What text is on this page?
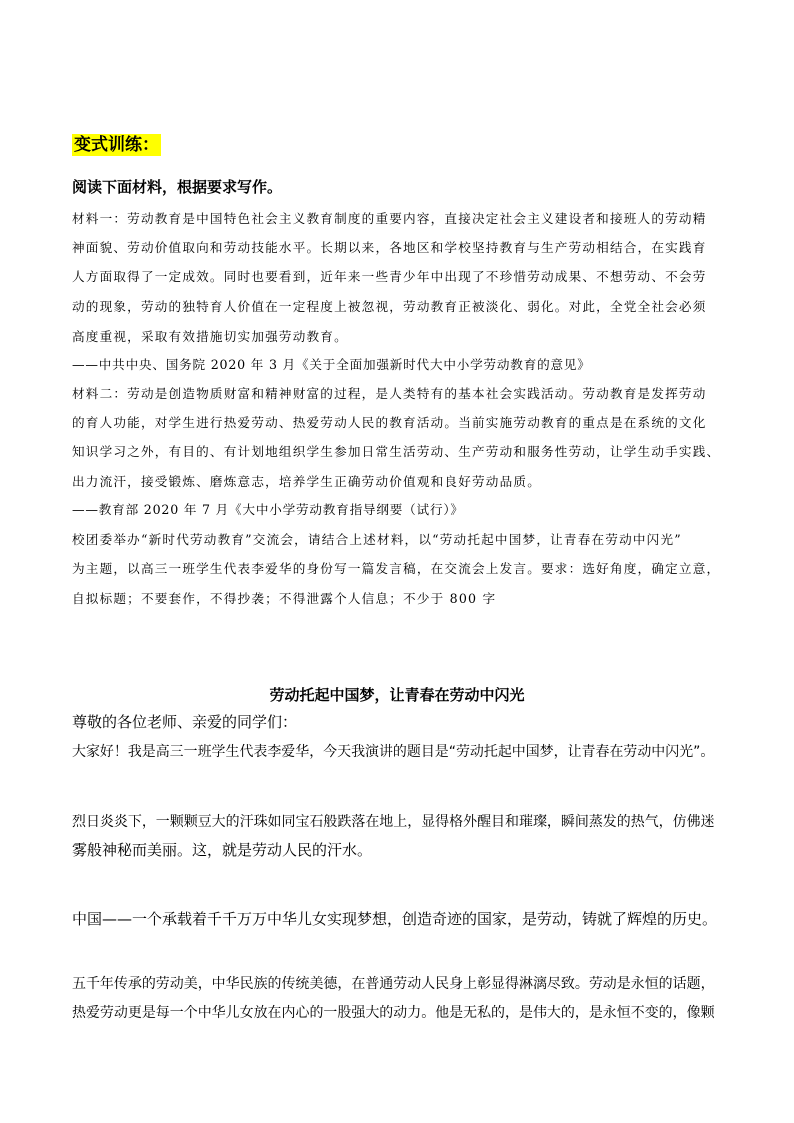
变式训练：
阅读下面材料，根据要求写作。
材料一：劳动教育是中国特色社会主义教育制度的重要内容，直接决定社会主义建设者和接班人的劳动精
神面貌、劳动价值取向和劳动技能水平。长期以来，各地区和学校坚持教育与生产劳动相结合，在实践育
人方面取得了一定成效。同时也要看到，近年来一些青少年中出现了不珍惜劳动成果、不想劳动、不会劳
动的现象，劳动的独特育人价值在一定程度上被忽视，劳动教育正被淡化、弱化。对此，全党全社会必须
高度重视，采取有效措施切实加强劳动教育。
——中共中央、国务院 2020 年 3 月《关于全面加强新时代大中小学劳动教育的意见》
材料二：劳动是创造物质财富和精神财富的过程，是人类特有的基本社会实践活动。劳动教育是发挥劳动
的育人功能，对学生进行热爱劳动、热爱劳动人民的教育活动。当前实施劳动教育的重点是在系统的文化
知识学习之外，有目的、有计划地组织学生参加日常生活劳动、生产劳动和服务性劳动，让学生动手实践、
出力流汗，接受锻炼、磨炼意志，培养学生正确劳动价值观和良好劳动品质。
——教育部 2020 年 7 月《大中小学劳动教育指导纲要（试行）》
校团委举办“新时代劳动教育”交流会，请结合上述材料，以“劳动托起中国梦，让青春在劳动中闪光”
为主题，以高三一班学生代表李爱华的身份写一篇发言稿，在交流会上发言。要求：选好角度，确定立意，
自拟标题；不要套作，不得抄袭；不得泄露个人信息；不少于 800 字
劳动托起中国梦，让青春在劳动中闪光
尊敬的各位老师、亲爱的同学们：
大家好！我是高三一班学生代表李爱华，今天我演讲的题目是“劳动托起中国梦，让青春在劳动中闪光”。
烈日炎炎下，一颗颗豆大的汗珠如同宝石般跌落在地上，显得格外醒目和璀璨，瞬间蒸发的热气，仿佛迷
雾般神秘而美丽。这，就是劳动人民的汗水。
中国——一个承载着千千万万中华儿女实现梦想，创造奇迹的国家，是劳动，铸就了辉煌的历史。
五千年传承的劳动美，中华民族的传统美德，在普通劳动人民身上彰显得淋漓尽致。劳动是永恒的话题，
热爱劳动更是每一个中华儿女放在内心的一股强大的动力。他是无私的，是伟大的，是永恒不变的，像颗
